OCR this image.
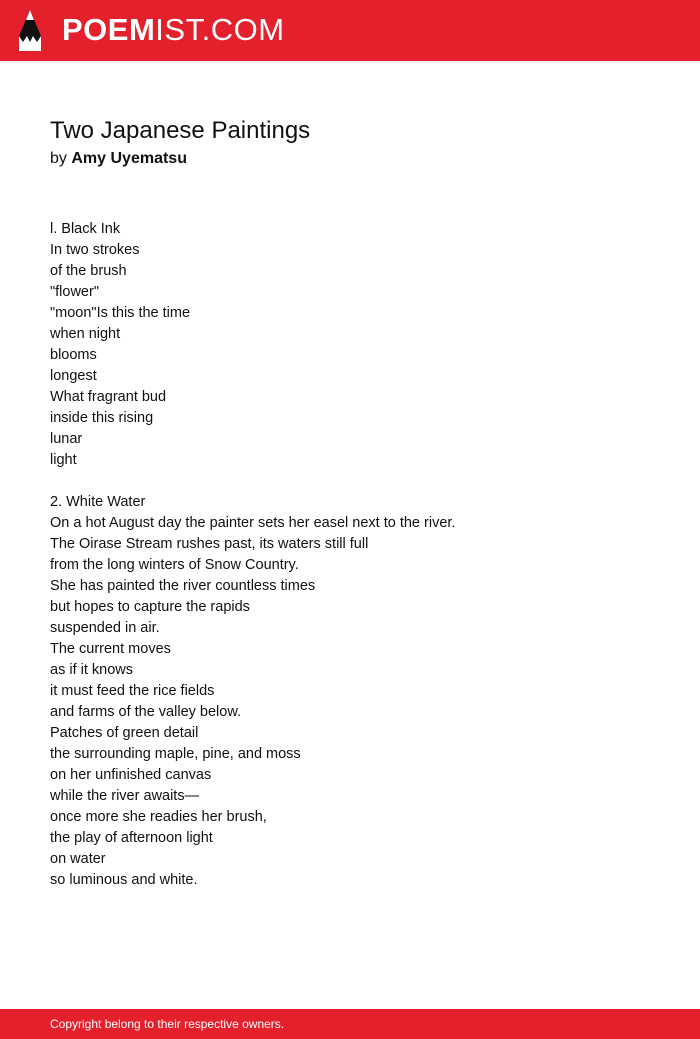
POEMIST.COM
Two Japanese Paintings
by Amy Uyematsu
l. Black Ink
In two strokes
of the brush
"flower"
"moon"Is this the time
when night
blooms
longest
What fragrant bud
inside this rising
lunar
light
2. White Water
On a hot August day the painter sets her easel next to the river.
The Oirase Stream rushes past, its waters still full
from the long winters of Snow Country.
She has painted the river countless times
but hopes to capture the rapids
suspended in air.
The current moves
as if it knows
it must feed the rice fields
and farms of the valley below.
Patches of green detail
the surrounding maple, pine, and moss
on her unfinished canvas
while the river awaits—
once more she readies her brush,
the play of afternoon light
on water
so luminous and white.
Copyright belong to their respective owners.
